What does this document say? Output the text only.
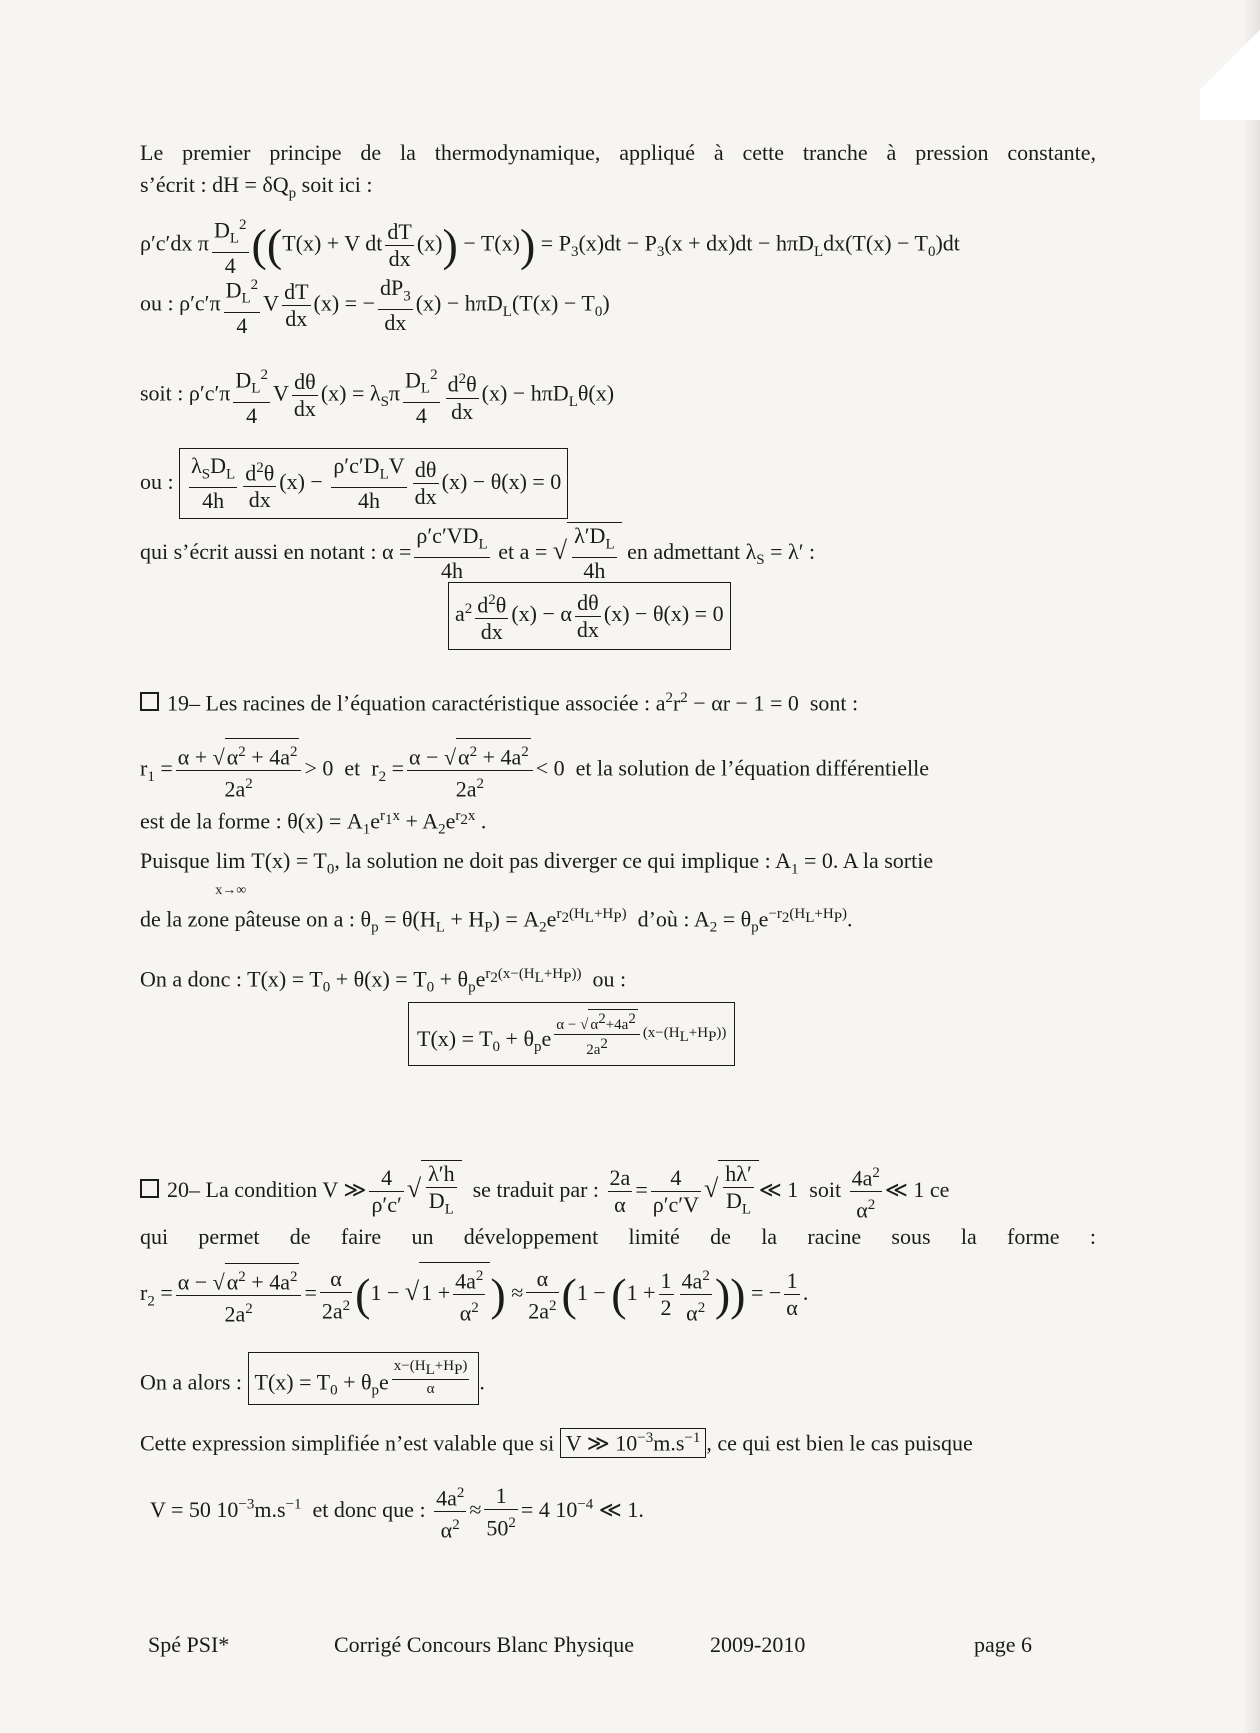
Le premier principe de la thermodynamique, appliqué à cette tranche à pression constante,
s’écrit : dH = $\delta Q_p$ soit ici :
ρ′c′dx π $\frac{D_L^2}{4} ((T(x) + V$ dt $\frac{dT}{dx} (x)) - T(x)) = P_3(x)dt - P_3(x + dx)dt - h\pi D_Ldx(T(x) - T_0)dt$
ou : $\rho'c'\pi \frac{D_L^2}{4}$ V $\frac{dT}{dx} (x)$ = − $\frac{dP_3}{dx} (x) - h\pi D_L(T(x) - T_0)$
soit : $\rho'c'\pi \frac{D_L^2}{4}$ V $\frac{d\theta}{dx} (x) = \lambda_S\pi \frac{D_L^2}{4} \frac{d^2\theta}{dx} (x) - h\pi D_L\theta(x)$
ou : $\frac{\lambda_SD_L}{4h} \frac{d^2\theta}{dx} (x) - \frac{\rho'c'D_LV}{4h} \frac{d\theta}{dx} (x) - \theta(x) = 0$
qui s’écrit aussi en notant : $\alpha = \frac{\rho'c'VD_L}{4h}$ et a = √ $\frac{\lambda'D_L}{4h}$ en admettant $\lambda_S = \lambda'$ :
$a^2 \frac{d^2\theta}{dx} (x) - \alpha \frac{d\theta}{dx} (x) - \theta(x) = 0$
19– Les racines de l’équation caractéristique associée : $a^2r^2 - \alpha r - 1 = 0$  sont :
$r_1 = \frac{\alpha + √\alpha^2 + 4a^2}{2a^2} > 0$  et  $r_2 = \frac{\alpha - √\alpha^2 + 4a^2}{2a^2} < 0$  et la solution de l’équation différentielle
est de la forme : $\theta(x) = A_1e^{r_1x} + A_2e^{r_2x}$ .
Puisque lim
x→∞ $T(x) = T_0$, la solution ne doit pas diverger ce qui implique : $A_1 = 0$. A la sortie
de la zone pâteuse on a : $\theta_p = \theta(H_L + H_P) = A_2e^{r_2(H_L+H_P)}$ d’où : $A_2 = \theta_pe^{-r_2(H_L+H_P)}$.
On a donc : $T(x) = T_0 + \theta(x) = T_0 + \theta_pe^{r_2(x-(H_L+H_P))}$ ou :
$T(x) = T_0 + \theta_pe$ $^{\frac{\alpha - √ \alpha^2+4a^2}{2a^2} (x-(H_L+H_P))}$
20– La condition V ≫ $\frac{4}{\rho'c'}$ √ $\frac{\lambda'h}{D_L}$ se traduit par : $\frac{2a}{\alpha} = \frac{4}{\rho'c'V}$ √ $\frac{h\lambda'}{D_L}$ ≪ 1  soit $\frac{4a^2}{\alpha^2}$ ≪ 1 ce
qui permet de faire un développement limité de la racine sous la forme :
$r_2 = \frac{\alpha - √\alpha^2 + 4a^2}{2a^2} = \frac{\alpha}{2a^2} (1 - √1 + \frac{4a^2}{\alpha^2}$ ) ≈ $\frac{\alpha}{2a^2} (1 - (1 + \frac{1}{2} \frac{4a^2}{\alpha^2}$ )) = − $\frac{1}{\alpha}$ .
On a alors : $T(x) = T_0 + \theta_pe$ $^{\frac{x-(H_L+H_P)}{\alpha}}$ .
Cette expression simplifiée n’est valable que si V ≫ $10^{-3}m.s^{-1}$ , ce qui est bien le cas puisque
V = 50 $10^{-3}m.s^{-1}$ et donc que : $\frac{4a^2}{\alpha^2} \approx \frac{1}{50^2} = 4$ $10^{-4}$ ≪ 1.
Spé PSI*	Corrigé Concours Blanc Physique	2009-2010	page 6
